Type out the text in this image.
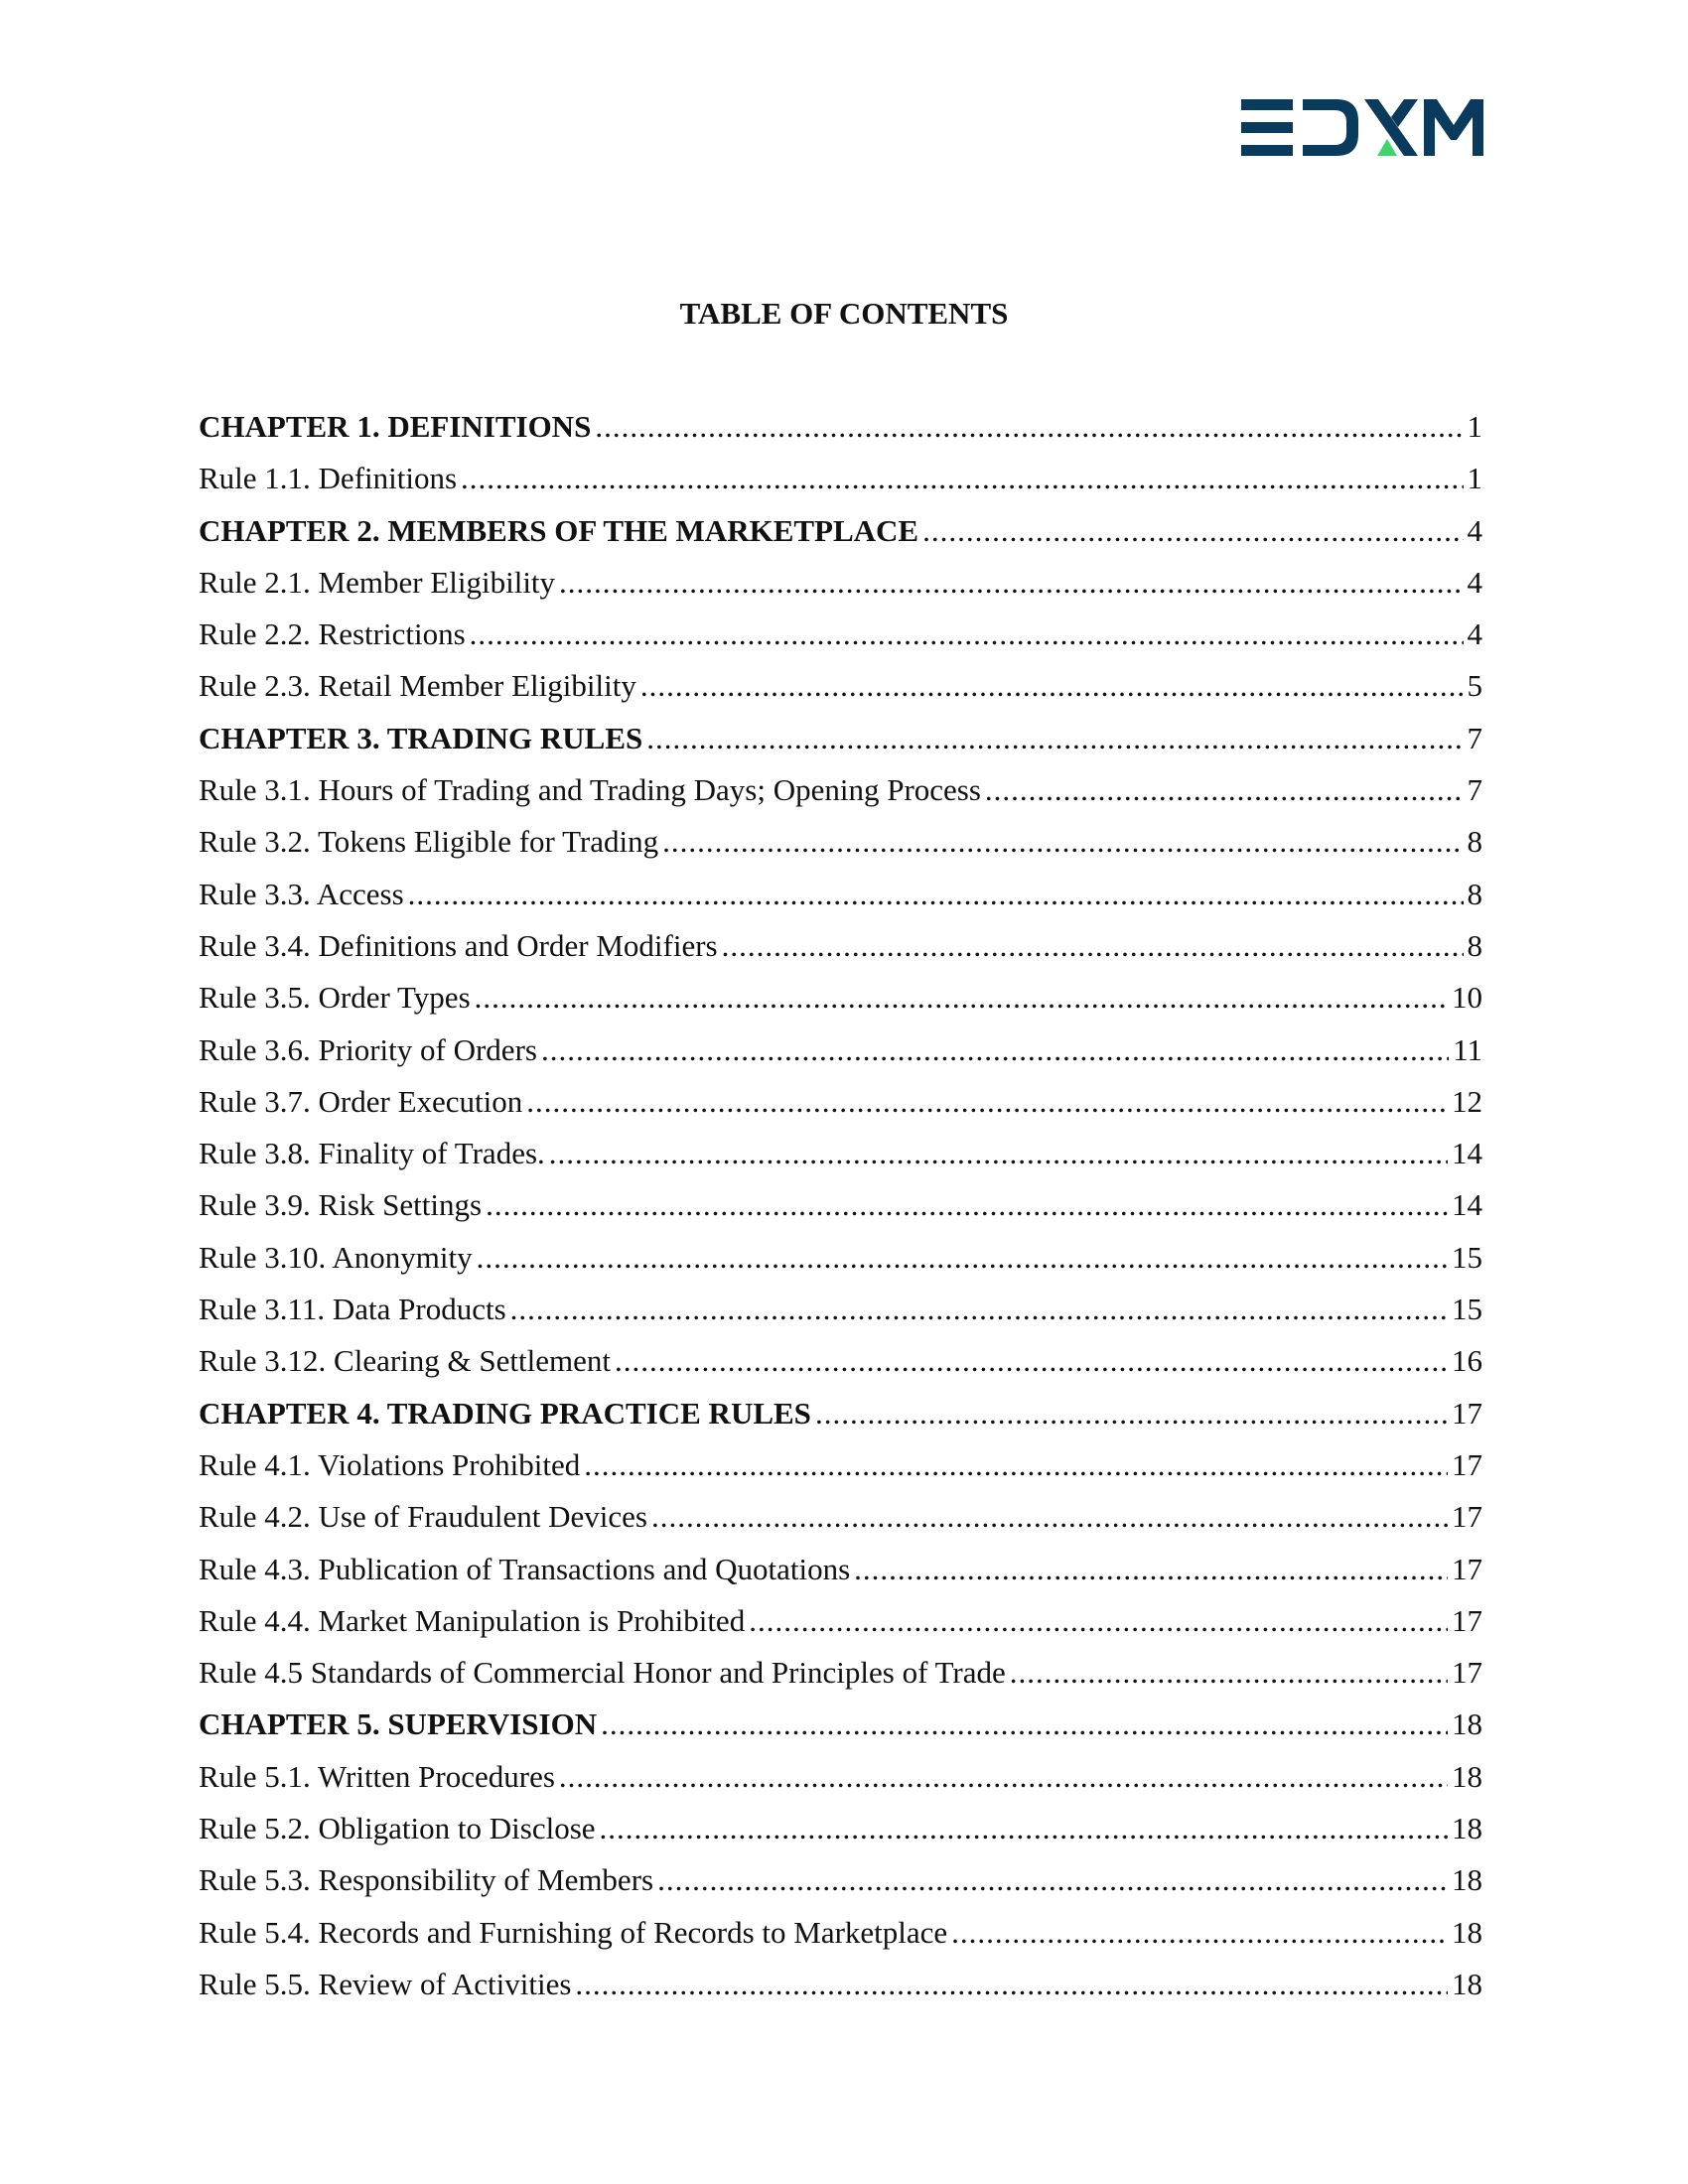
TABLE OF CONTENTS
CHAPTER 1. DEFINITIONS .....	1
Rule 1.1. Definitions .....	1
CHAPTER 2. MEMBERS OF THE MARKETPLACE .....	4
Rule 2.1. Member Eligibility .....	4
Rule 2.2. Restrictions .....	4
Rule 2.3. Retail Member Eligibility .....	5
CHAPTER 3. TRADING RULES .....	7
Rule 3.1. Hours of Trading and Trading Days; Opening Process .....	7
Rule 3.2. Tokens Eligible for Trading .....	8
Rule 3.3. Access .....	8
Rule 3.4. Definitions and Order Modifiers .....	8
Rule 3.5. Order Types .....	10
Rule 3.6. Priority of Orders .....	11
Rule 3.7. Order Execution .....	12
Rule 3.8. Finality of Trades. .....	14
Rule 3.9. Risk Settings .....	14
Rule 3.10. Anonymity .....	15
Rule 3.11. Data Products .....	15
Rule 3.12. Clearing & Settlement .....	16
CHAPTER 4. TRADING PRACTICE RULES .....	17
Rule 4.1. Violations Prohibited .....	17
Rule 4.2. Use of Fraudulent Devices .....	17
Rule 4.3. Publication of Transactions and Quotations .....	17
Rule 4.4. Market Manipulation is Prohibited .....	17
Rule 4.5 Standards of Commercial Honor and Principles of Trade .....	17
CHAPTER 5. SUPERVISION .....	18
Rule 5.1. Written Procedures .....	18
Rule 5.2. Obligation to Disclose .....	18
Rule 5.3. Responsibility of Members .....	18
Rule 5.4. Records and Furnishing of Records to Marketplace .....	18
Rule 5.5. Review of Activities .....	18
